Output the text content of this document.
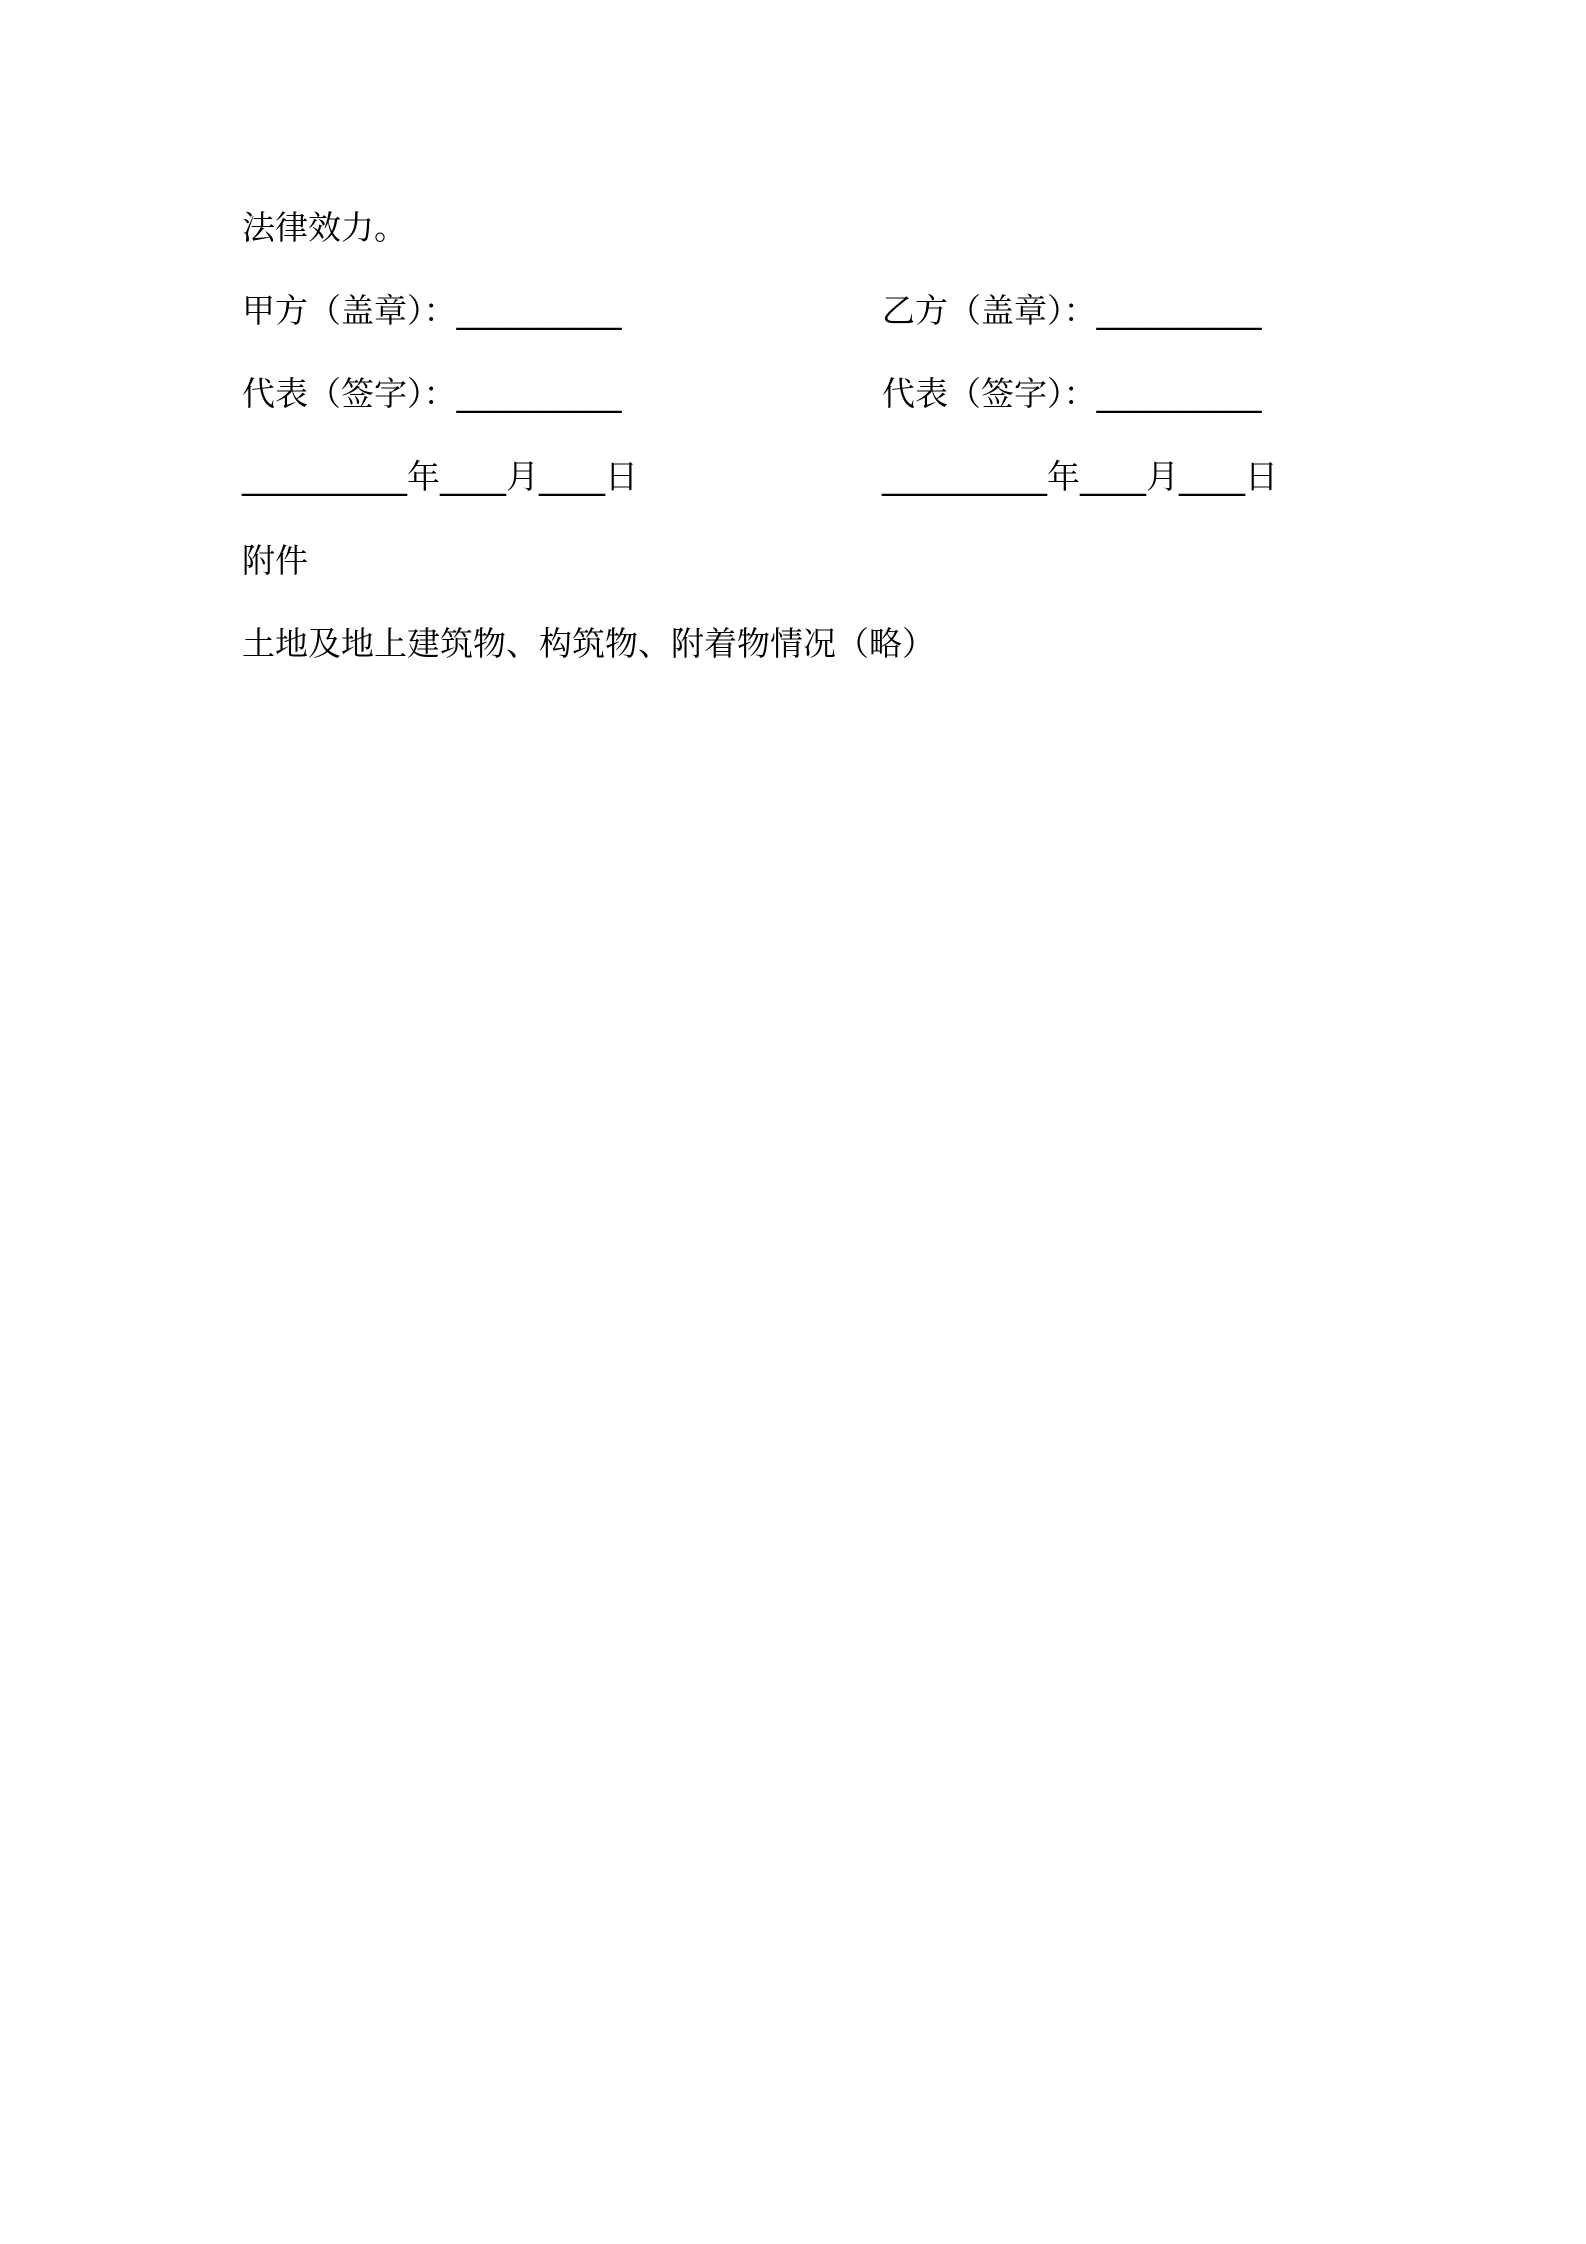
法律效力。
甲方（盖章）：__________	乙方（盖章）：__________
代表（签字）：__________	代表（签字）：__________
__________年____月____日	__________年____月____日
附件
土地及地上建筑物、构筑物、附着物情况（略）
